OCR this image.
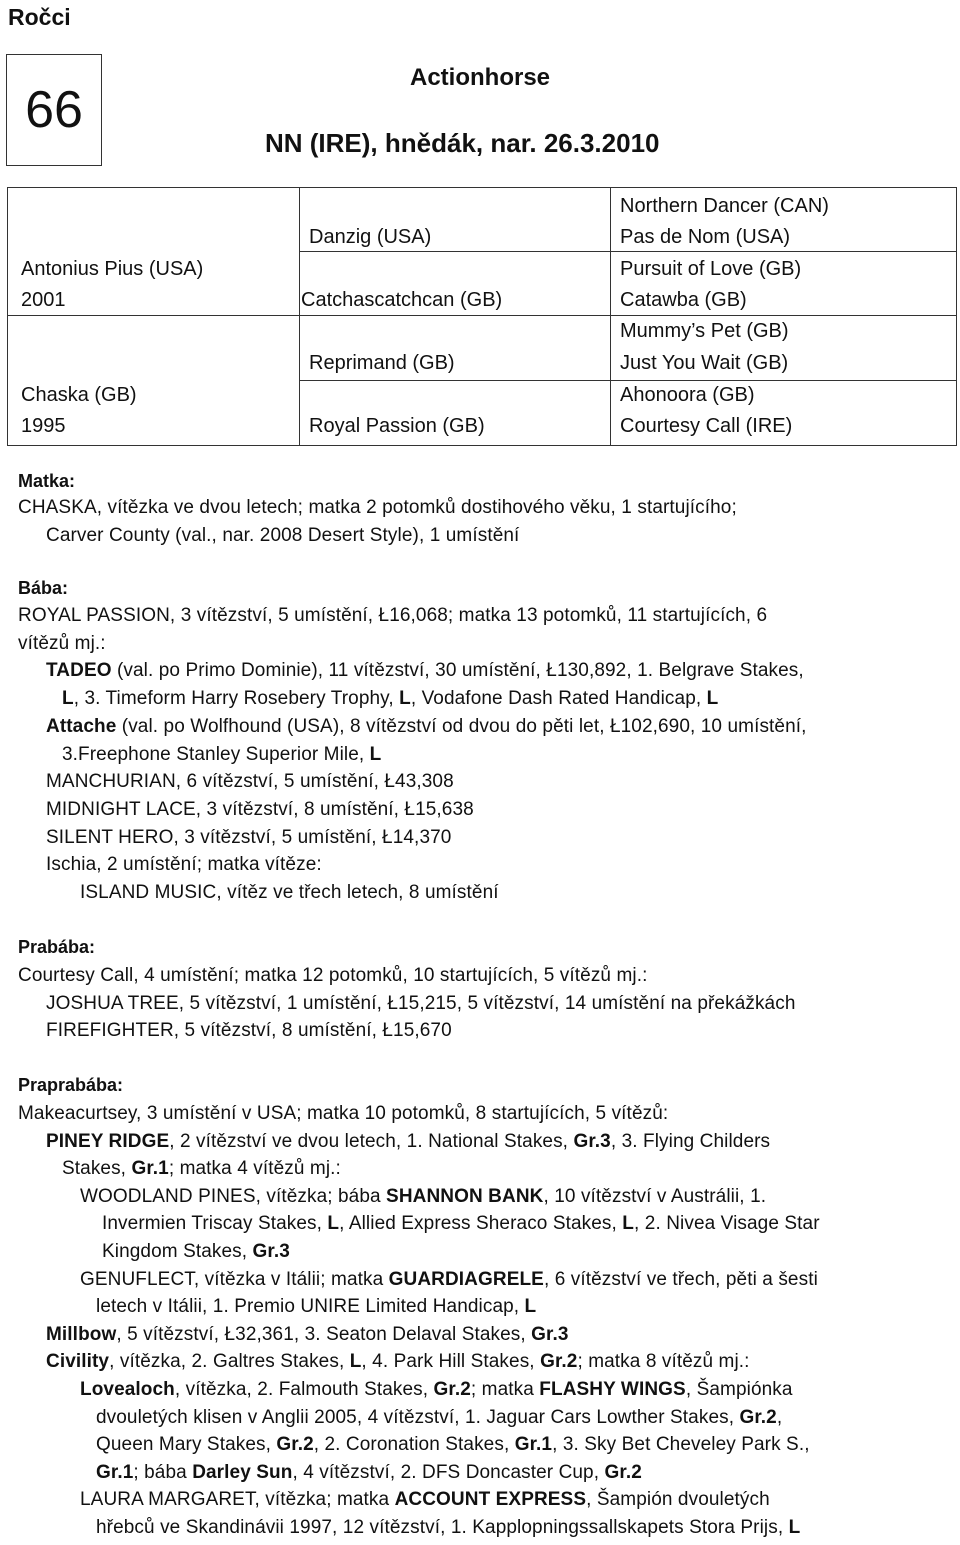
Ročci
66
Actionhorse
NN (IRE), hnědák, nar. 26.3.2010
Antonius Pius (USA)
2001
Chaska (GB)
1995
Danzig (USA)
Catchascatchcan (GB)
Reprimand (GB)
Royal Passion (GB)
Northern Dancer (CAN)
Pas de Nom (USA)
Pursuit of Love (GB)
Catawba (GB)
Mummy’s Pet (GB)
Just You Wait (GB)
Ahonoora (GB)
Courtesy Call (IRE)
Matka:
CHASKA, vítězka ve dvou letech; matka 2 potomků dostihového věku, 1 startujícího;
Carver County (val., nar. 2008 Desert Style), 1 umístění
Bába:
ROYAL PASSION, 3 vítězství, 5 umístění, Ł16,068; matka 13 potomků, 11 startujících, 6
vítězů mj.:
TADEO (val. po Primo Dominie), 11 vítězství, 30 umístění, Ł130,892, 1. Belgrave Stakes,
L, 3. Timeform Harry Rosebery Trophy, L, Vodafone Dash Rated Handicap, L
Attache (val. po Wolfhound (USA), 8 vítězství od dvou do pěti let, Ł102,690, 10 umístění,
3.Freephone Stanley Superior Mile, L
MANCHURIAN, 6 vítězství, 5 umístění, Ł43,308
MIDNIGHT LACE, 3 vítězství, 8 umístění, Ł15,638
SILENT HERO, 3 vítězství, 5 umístění, Ł14,370
Ischia, 2 umístění; matka vítěze:
ISLAND MUSIC, vítěz ve třech letech, 8 umístění
Prabába:
Courtesy Call, 4 umístění; matka 12 potomků, 10 startujících, 5 vítězů mj.:
JOSHUA TREE, 5 vítězství, 1 umístění, Ł15,215, 5 vítězství, 14 umístění na překážkách
FIREFIGHTER, 5 vítězství, 8 umístění, Ł15,670
Praprabába:
Makeacurtsey, 3 umístění v USA; matka 10 potomků, 8 startujících, 5 vítězů:
PINEY RIDGE, 2 vítězství ve dvou letech, 1. National Stakes, Gr.3, 3. Flying Childers
Stakes, Gr.1; matka 4 vítězů mj.:
WOODLAND PINES, vítězka; bába SHANNON BANK, 10 vítězství v Austrálii, 1.
Invermien Triscay Stakes, L, Allied Express Sheraco Stakes, L, 2. Nivea Visage Star
Kingdom Stakes, Gr.3
GENUFLECT, vítězka v Itálii; matka GUARDIAGRELE, 6 vítězství ve třech, pěti a šesti
letech v Itálii, 1. Premio UNIRE Limited Handicap, L
Millbow, 5 vítězství, Ł32,361, 3. Seaton Delaval Stakes, Gr.3
Civility, vítězka, 2. Galtres Stakes, L, 4. Park Hill Stakes, Gr.2; matka 8 vítězů mj.:
Lovealoch, vítězka, 2. Falmouth Stakes, Gr.2; matka FLASHY WINGS, Šampiónka
dvouletých klisen v Anglii 2005, 4 vítězství, 1. Jaguar Cars Lowther Stakes, Gr.2,
Queen Mary Stakes, Gr.2, 2. Coronation Stakes, Gr.1, 3. Sky Bet Cheveley Park S.,
Gr.1; bába Darley Sun, 4 vítězství, 2. DFS Doncaster Cup, Gr.2
LAURA MARGARET, vítězka; matka ACCOUNT EXPRESS, Šampión dvouletých
hřebců ve Skandinávii 1997, 12 vítězství, 1. Kapplopningssallskapets Stora Prijs, L
